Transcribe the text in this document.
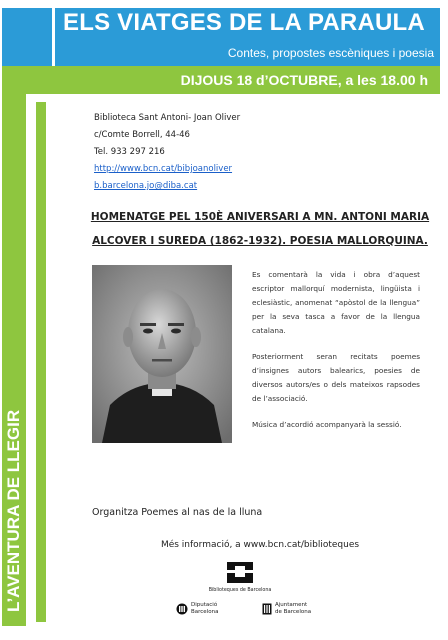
ELS VIATGES DE LA PARAULA
Contes, propostes escèniques i poesia
DIJOUS 18 d’OCTUBRE, a les 18.00 h
L’AVENTURA DE LLEGIR
Biblioteca Sant Antoni- Joan Oliver
c/Comte Borrell, 44-46
Tel. 933 297 216
http://www.bcn.cat/bibjoanoliver
b.barcelona.jo@diba.cat
HOMENATGE PEL 150È ANIVERSARI A MN. ANTONI MARIA
ALCOVER I SUREDA (1862-1932). POESIA MALLORQUINA.

Es comentarà la vida i obra d’aquest escriptor mallorquí modernista, lingüista i eclesiàstic, anomenat “apòstol de la llengua” per la seva tasca a favor de la llengua catalana.

Posteriorment seran recitats poemes d’insignes autors balearics, poesies de diversos autors/es o dels mateixos rapsodes de l’associació.

Música d’acordió acompanyarà la sessió.

Organitza Poemes al nas de la lluna
Més informació, a www.bcn.cat/biblioteques
Biblioteques de Barcelona
Diputació
Barcelona
Ajuntament
de Barcelona
